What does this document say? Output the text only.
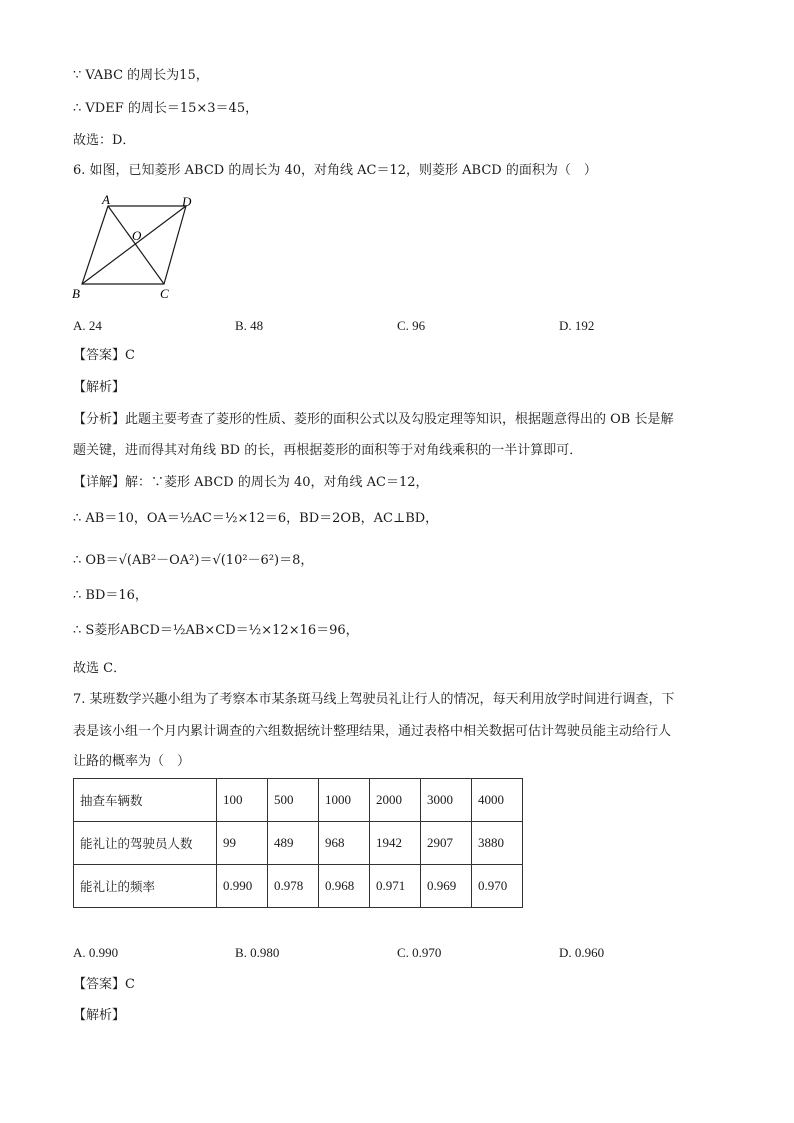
∵ VABC 的周长为15，
∴ VDEF 的周长＝15×3＝45，
故选：D．
6. 如图，已知菱形 ABCD 的周长为 40，对角线 AC＝12，则菱形 ABCD 的面积为（　）
A	D
O
B	C
A. 24	B. 48	C. 96	D. 192
【答案】C
【解析】
【分析】此题主要考查了菱形的性质、菱形的面积公式以及勾股定理等知识，根据题意得出的 OB 长是解
题关键，进而得其对角线 BD 的长，再根据菱形的面积等于对角线乘积的一半计算即可．
【详解】解：∵菱形 ABCD 的周长为 40，对角线 AC＝12，
∴ AB＝10，OA＝½AC＝½×12＝6，BD＝2OB，AC⊥BD，
∴ OB＝√(AB²－OA²)＝√(10²－6²)＝8，
∴ BD＝16，
∴ S菱形ABCD＝½AB×CD＝½×12×16＝96，
故选 C．
7. 某班数学兴趣小组为了考察本市某条斑马线上驾驶员礼让行人的情况，每天利用放学时间进行调查，下
表是该小组一个月内累计调查的六组数据统计整理结果，通过表格中相关数据可估计驾驶员能主动给行人
让路的概率为（　）
抽查车辆数	100	500	1000	2000	3000	4000
能礼让的驾驶员人数	99	489	968	1942	2907	3880
能礼让的频率	0.990	0.978	0.968	0.971	0.969	0.970
A. 0.990	B. 0.980	C. 0.970	D. 0.960
【答案】C
【解析】
